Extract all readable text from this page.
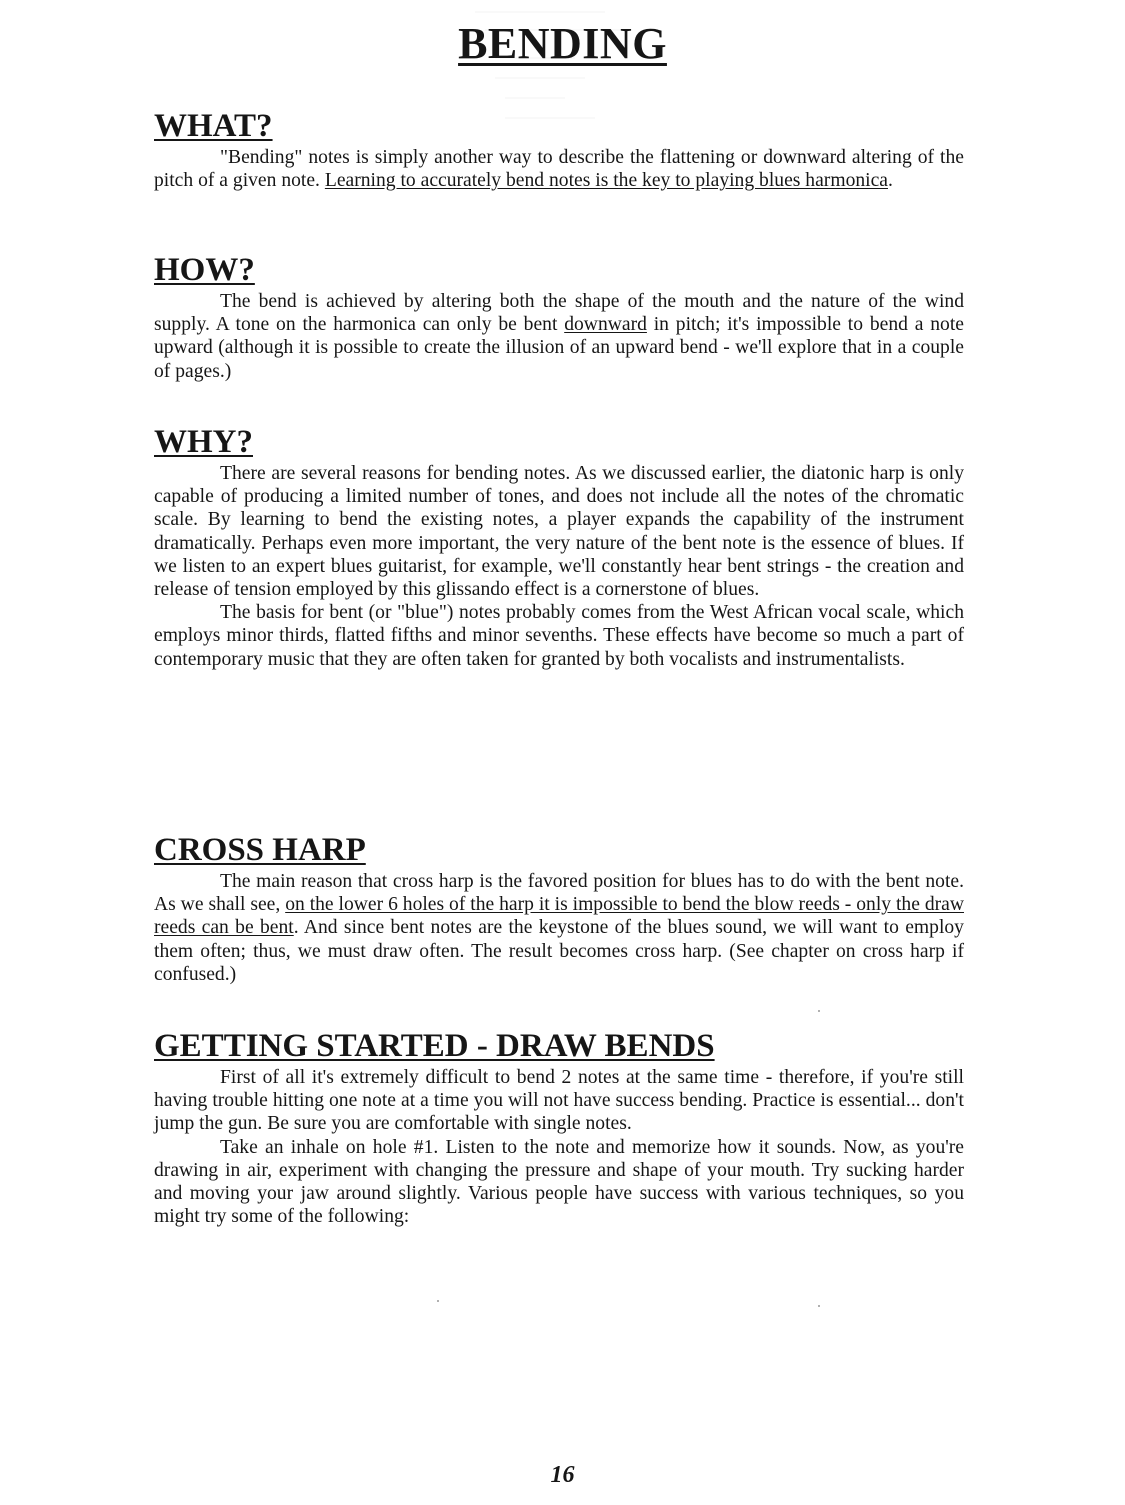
BENDING
WHAT?

"Bending" notes is simply another way to describe the flattening or downward altering of the pitch of a given note. Learning to accurately bend notes is the key to playing blues harmonica.

HOW?

The bend is achieved by altering both the shape of the mouth and the nature of the wind supply. A tone on the harmonica can only be bent downward in pitch; it's impossible to bend a note upward (although it is possible to create the illusion of an upward bend - we'll explore that in a couple of pages.)

WHY?

There are several reasons for bending notes. As we discussed earlier, the diatonic harp is only capable of producing a limited number of tones, and does not include all the notes of the chromatic scale. By learning to bend the existing notes, a player expands the capability of the instrument dramatically. Perhaps even more important, the very nature of the bent note is the essence of blues. If we listen to an expert blues guitarist, for example, we'll constantly hear bent strings - the creation and release of tension employed by this glissando effect is a cornerstone of blues.

The basis for bent (or "blue") notes probably comes from the West African vocal scale, which employs minor thirds, flatted fifths and minor sevenths. These effects have become so much a part of contemporary music that they are often taken for granted by both vocalists and instrumentalists.

CROSS HARP

The main reason that cross harp is the favored position for blues has to do with the bent note. As we shall see, on the lower 6 holes of the harp it is impossible to bend the blow reeds - only the draw reeds can be bent. And since bent notes are the keystone of the blues sound, we will want to employ them often; thus, we must draw often. The result becomes cross harp. (See chapter on cross harp if confused.)

GETTING STARTED - DRAW BENDS

First of all it's extremely difficult to bend 2 notes at the same time - therefore, if you're still having trouble hitting one note at a time you will not have success bending. Practice is essential... don't jump the gun. Be sure you are comfortable with single notes.

Take an inhale on hole #1. Listen to the note and memorize how it sounds. Now, as you're drawing in air, experiment with changing the pressure and shape of your mouth. Try sucking harder and moving your jaw around slightly. Various people have success with various techniques, so you might try some of the following:

16
